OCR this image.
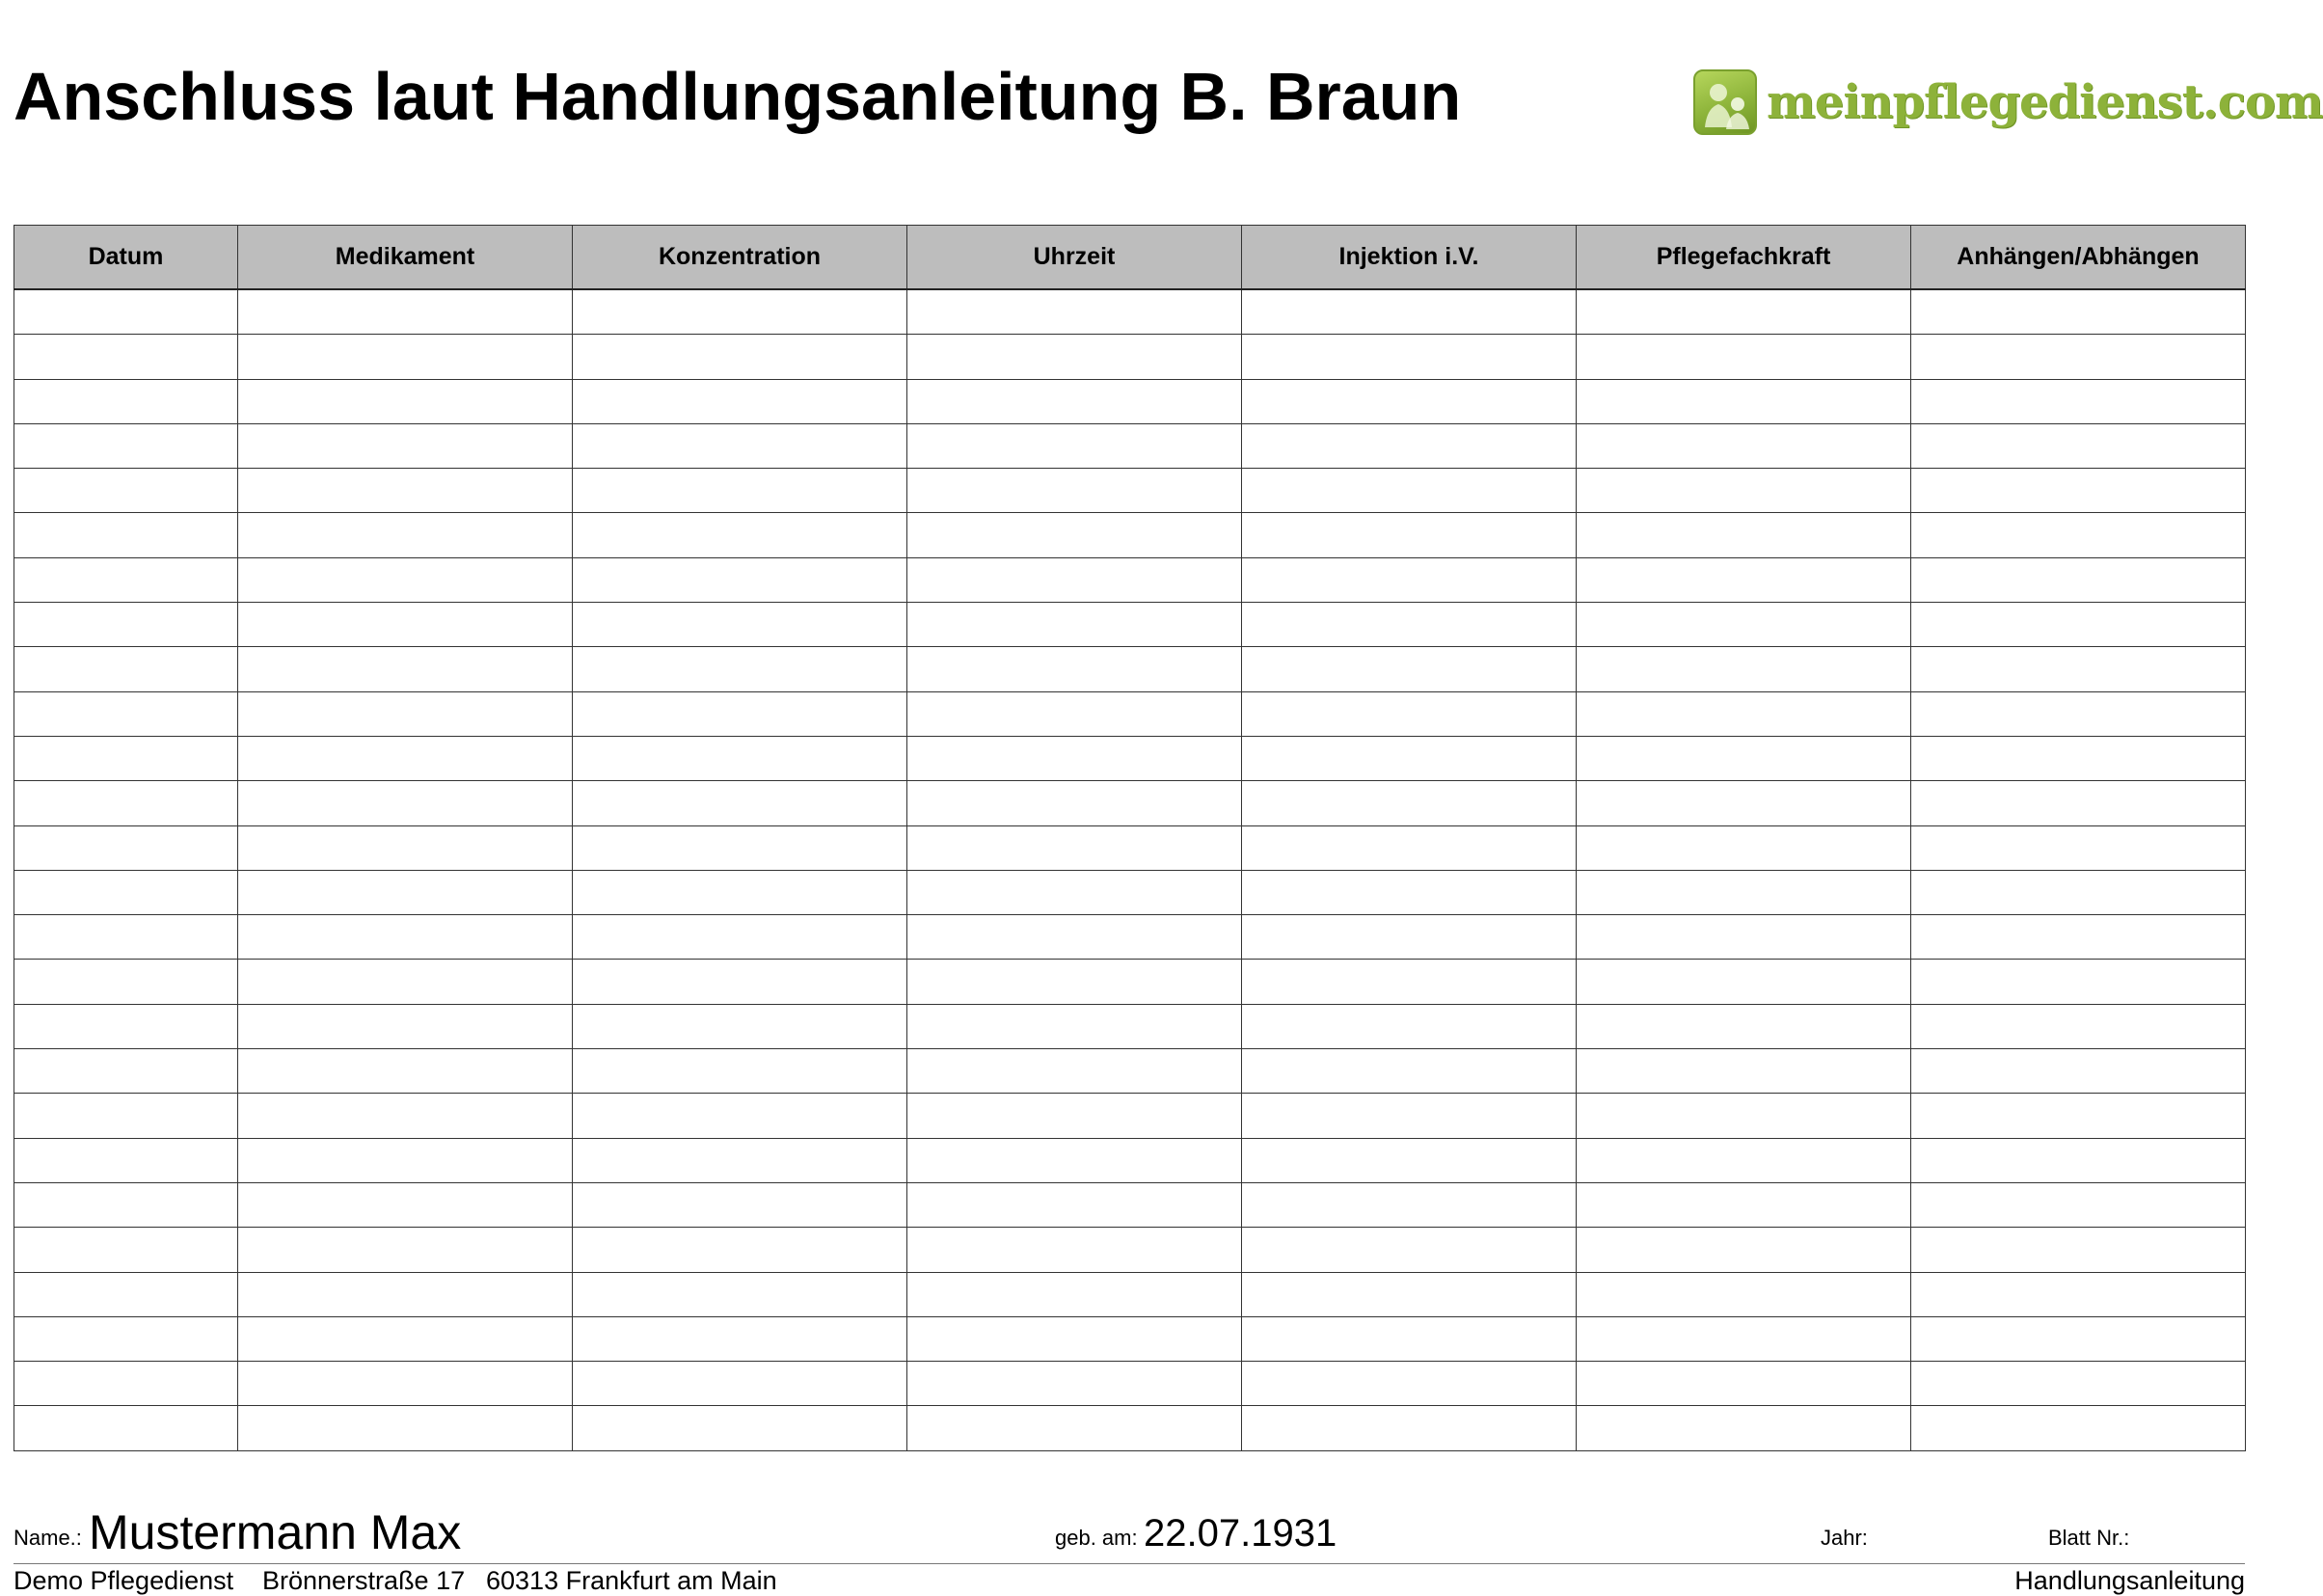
Anschluss laut Handlungsanleitung B. Braun	meinpflegedienst.com
Datum	Medikament	Konzentration	Uhrzeit	Injektion i.V.	Pflegefachkraft	Anhängen/Abhängen

Name.: Mustermann Max	geb. am: 22.07.1931	Jahr:	Blatt Nr.:
Demo Pflegedienst Brönnerstraße 17 60313 Frankfurt am Main	Handlungsanleitung
